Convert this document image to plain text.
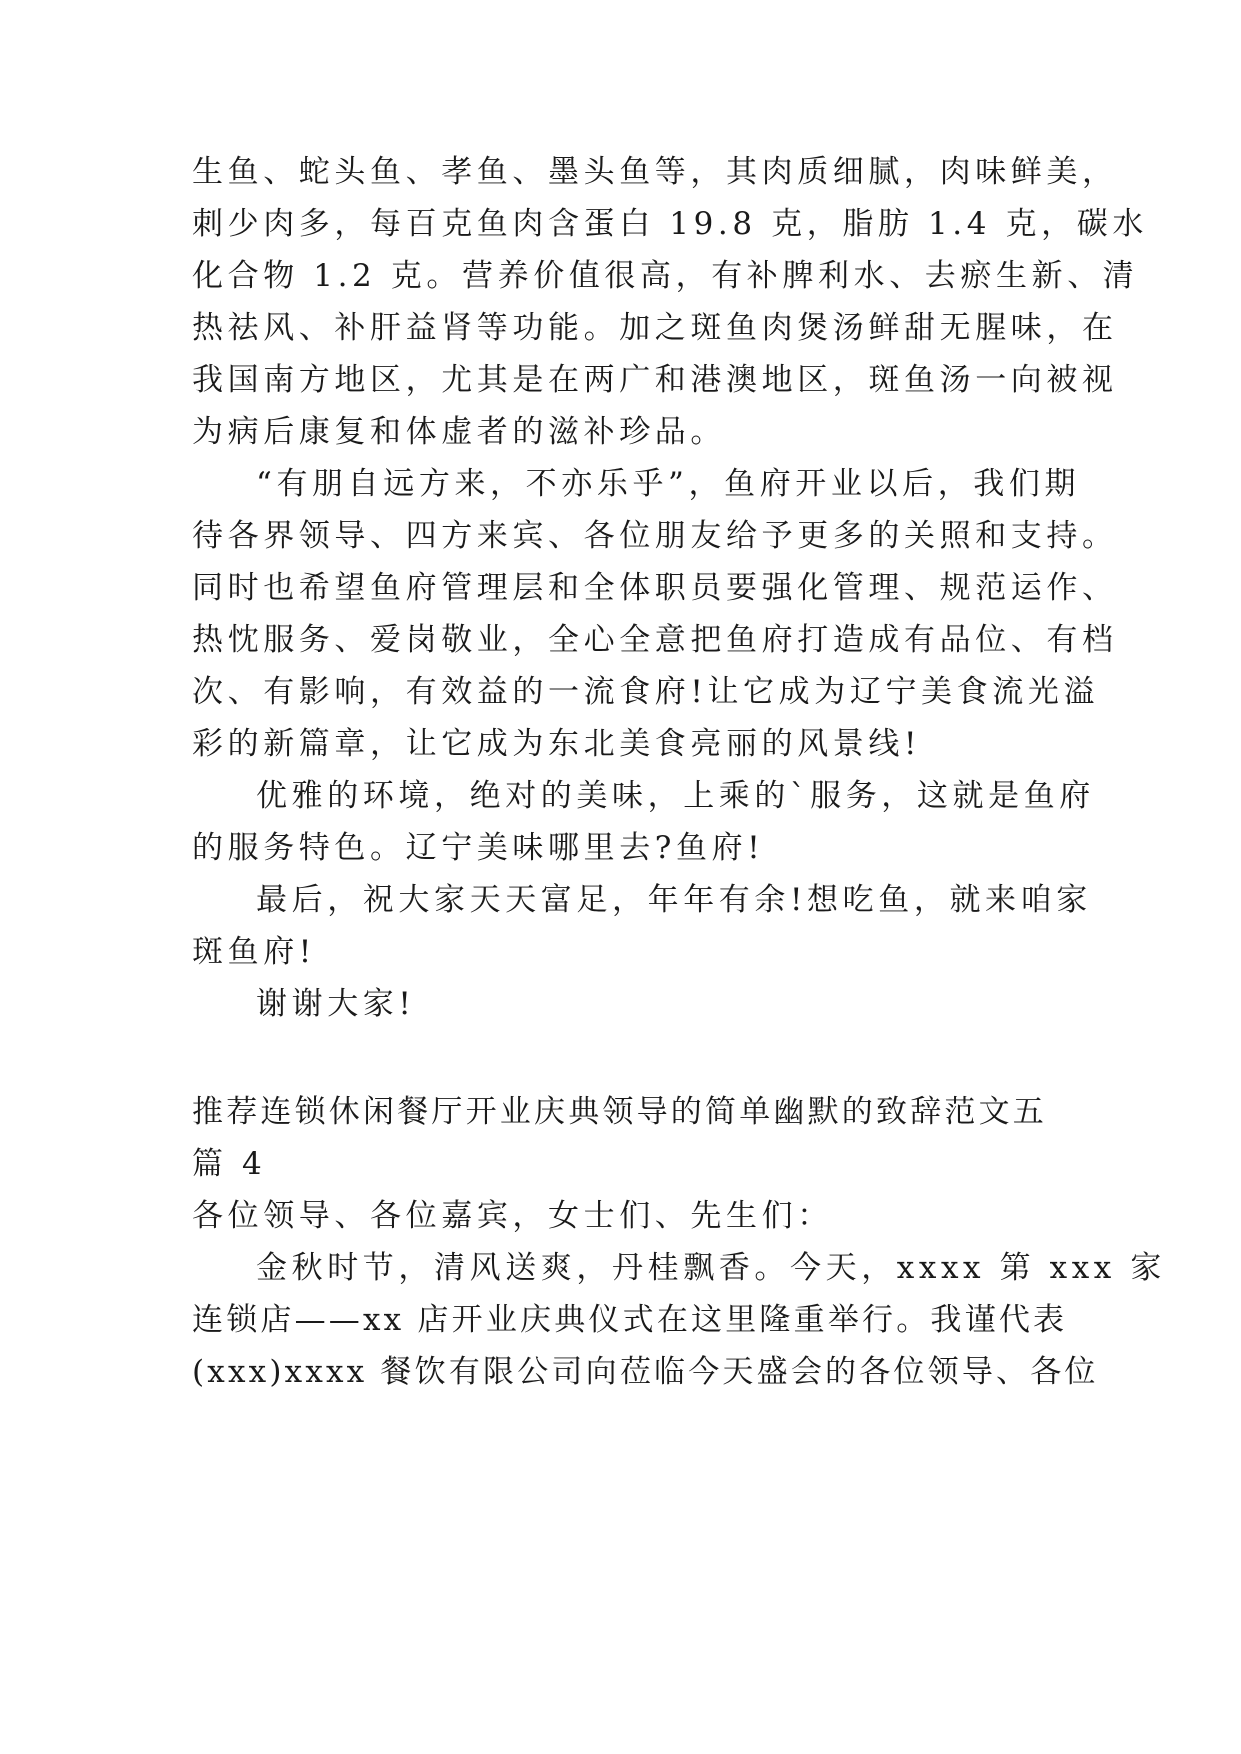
生鱼、蛇头鱼、孝鱼、墨头鱼等，其肉质细腻，肉味鲜美，
刺少肉多，每百克鱼肉含蛋白 19.8 克，脂肪 1.4 克，碳水
化合物 1.2 克。营养价值很高，有补脾利水、去瘀生新、清
热祛风、补肝益肾等功能。加之斑鱼肉煲汤鲜甜无腥味，在
我国南方地区，尤其是在两广和港澳地区，斑鱼汤一向被视
为病后康复和体虚者的滋补珍品。
“有朋自远方来，不亦乐乎”，鱼府开业以后，我们期
待各界领导、四方来宾、各位朋友给予更多的关照和支持。
同时也希望鱼府管理层和全体职员要强化管理、规范运作、
热忱服务、爱岗敬业，全心全意把鱼府打造成有品位、有档
次、有影响，有效益的一流食府!让它成为辽宁美食流光溢
彩的新篇章，让它成为东北美食亮丽的风景线!
优雅的环境，绝对的美味，上乘的`服务，这就是鱼府
的服务特色。辽宁美味哪里去?鱼府!
最后，祝大家天天富足，年年有余!想吃鱼，就来咱家
斑鱼府!
谢谢大家!
推荐连锁休闲餐厅开业庆典领导的简单幽默的致辞范文五
篇 4
各位领导、各位嘉宾，女士们、先生们：
金秋时节，清风送爽，丹桂飘香。今天，xxxx 第 xxx 家
连锁店——xx 店开业庆典仪式在这里隆重举行。我谨代表
(xxx)xxxx 餐饮有限公司向莅临今天盛会的各位领导、各位
